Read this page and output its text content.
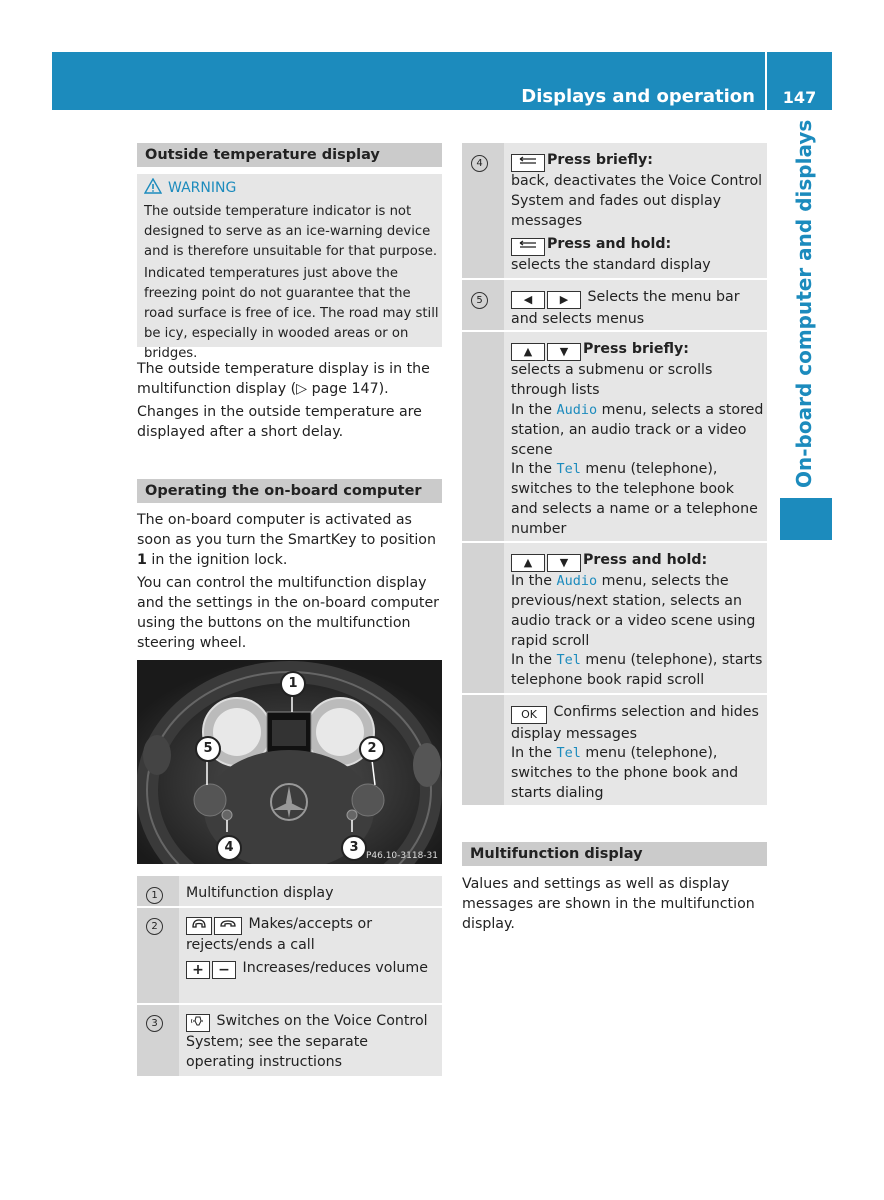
Displays and operation	147
On-board computer and displays
Outside temperature display
WARNING
The outside temperature indicator is not designed to serve as an ice-warning device and is therefore unsuitable for that purpose.
Indicated temperatures just above the freezing point do not guarantee that the road surface is free of ice. The road may still be icy, especially in wooded areas or on bridges.
The outside temperature display is in the multifunction display (▷ page 147).
Changes in the outside temperature are displayed after a short delay.
Operating the on-board computer
The on-board computer is activated as soon as you turn the SmartKey to position 1 in the ignition lock.
You can control the multifunction display and the settings in the on-board computer using the buttons on the multifunction steering wheel.
1
2
3
4
5
P46.10-3118-31
1	Multifunction display
2	Makes/accepts or rejects/ends a call
+ − Increases/reduces volume
3	Switches on the Voice Control System; see the separate operating instructions
4	Press briefly:
back, deactivates the Voice Control System and fades out display messages
Press and hold:
selects the standard display
5	◀	▶ Selects the menu bar and selects menus
▲	▼ Press briefly:
selects a submenu or scrolls through lists
In the Audio menu, selects a stored station, an audio track or a video scene
In the Tel menu (telephone), switches to the telephone book and selects a name or a telephone number
▲	▼ Press and hold:
In the Audio menu, selects the previous/next station, selects an audio track or a video scene using rapid scroll
In the Tel menu (telephone), starts telephone book rapid scroll
OK Confirms selection and hides display messages
In the Tel menu (telephone), switches to the phone book and starts dialing
Multifunction display
Values and settings as well as display messages are shown in the multifunction display.
